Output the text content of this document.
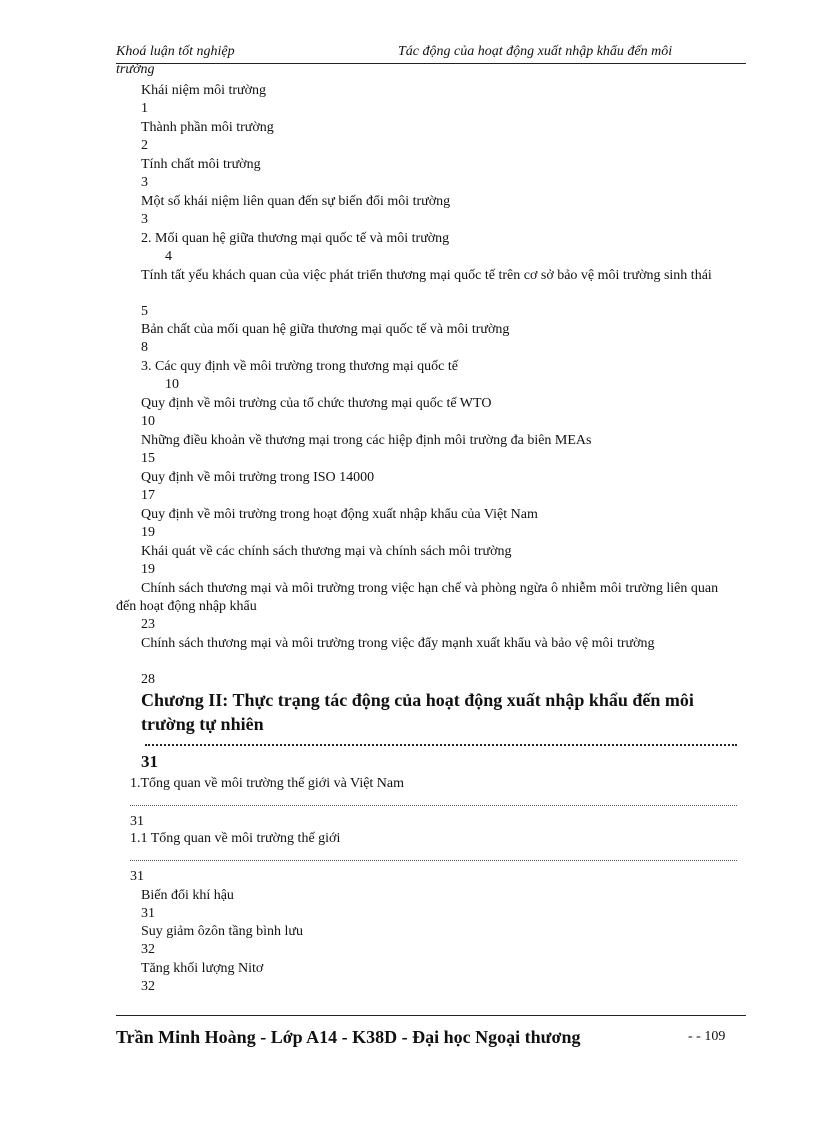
Khoá luận tốt nghiệp	Tác động của hoạt động xuất nhập khẩu đến môi
trường
Khái niệm môi trường
1
Thành phần môi trường
2
Tính chất môi trường
3
Một số khái niệm liên quan đến sự biến đổi môi trường
3
2. Mối quan hệ giữa thương mại quốc tế và môi trường
4
Tính tất yếu khách quan của việc phát triển thương mại quốc tế trên cơ sở bảo vệ môi trường sinh thái
5
Bản chất của mối quan hệ giữa thương mại quốc tế và môi trường
8
3. Các quy định về môi trường trong thương mại quốc tế
10
Quy định về môi trường của tổ chức thương mại quốc tế WTO
10
Những điều khoản về thương mại trong các hiệp định môi trường đa biên MEAs
15
Quy định về môi trường trong ISO 14000
17
Quy định về môi trường trong hoạt động xuất nhập khẩu của Việt Nam
19
Khái quát về các chính sách thương mại và chính sách môi trường
19
Chính sách thương mại và môi trường trong việc hạn chế và phòng ngừa ô nhiễm môi trường liên quan đến hoạt động nhập khẩu
23
Chính sách thương mại và môi trường trong việc đẩy mạnh xuất khẩu và bảo vệ môi trường
28
Chương II: Thực trạng tác động của hoạt động xuất nhập khẩu đến môi trường tự nhiên
31
1.Tổng quan về môi trường thế giới và Việt Nam
31
1.1 Tổng quan về môi trường thế giới
31
Biến đổi khí hậu
31
Suy giảm ôzôn tầng bình lưu
32
Tăng khối lượng Nitơ
32
Trần Minh Hoàng - Lớp A14 - K38D - Đại học Ngoại thương	- - 109
